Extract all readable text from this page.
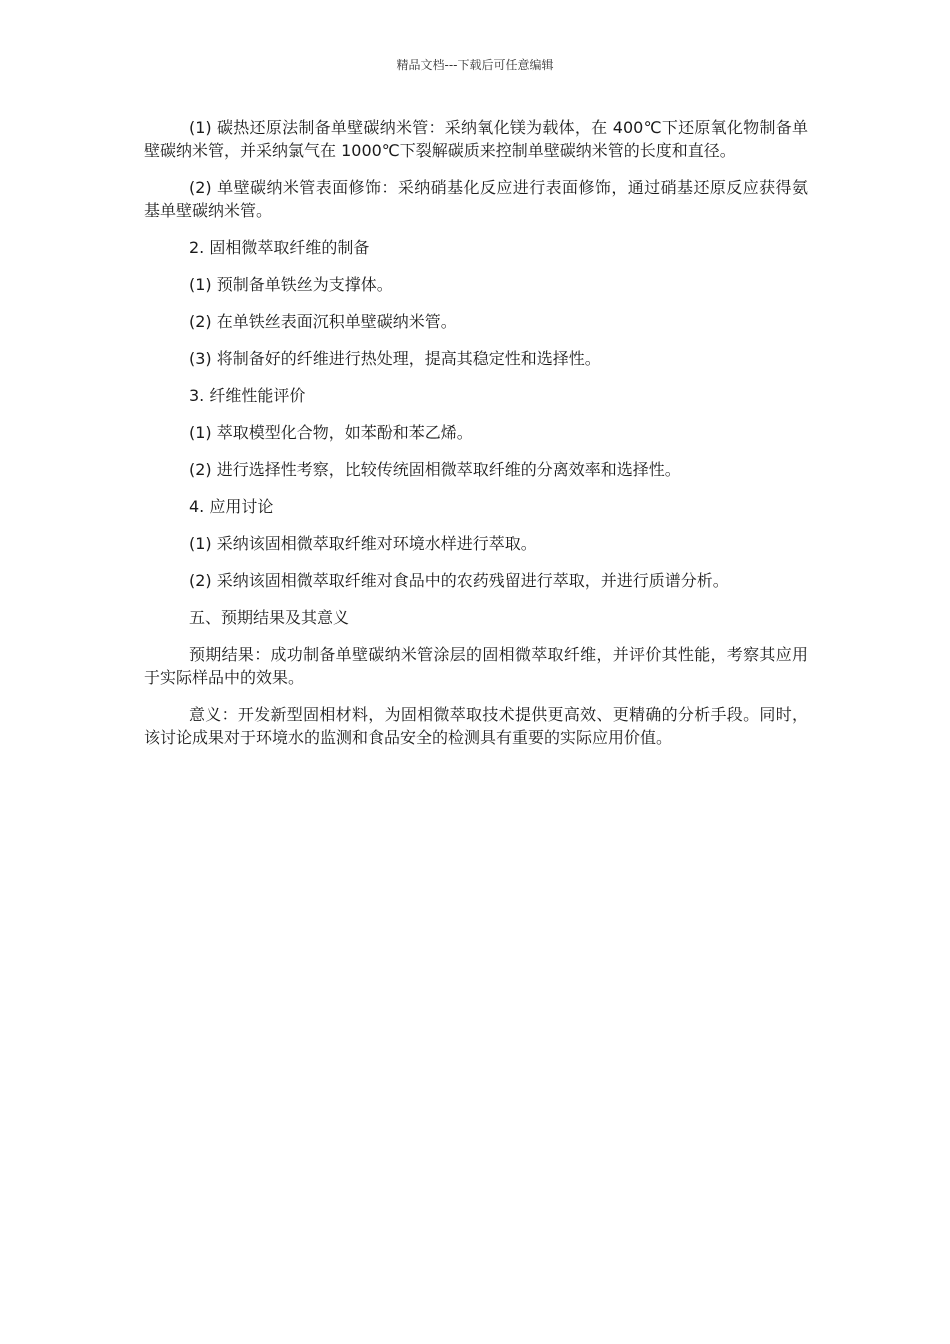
精品文档---下载后可任意编辑

(1) 碳热还原法制备单壁碳纳米管：采纳氧化镁为载体，在 400℃下还原氧化物制备单壁碳纳米管，并采纳氯气在 1000℃下裂解碳质来控制单壁碳纳米管的长度和直径。

(2) 单壁碳纳米管表面修饰：采纳硝基化反应进行表面修饰，通过硝基还原反应获得氨基单壁碳纳米管。

2. 固相微萃取纤维的制备

(1) 预制备单铁丝为支撑体。

(2) 在单铁丝表面沉积单壁碳纳米管。

(3) 将制备好的纤维进行热处理，提高其稳定性和选择性。

3. 纤维性能评价

(1) 萃取模型化合物，如苯酚和苯乙烯。

(2) 进行选择性考察，比较传统固相微萃取纤维的分离效率和选择性。

4. 应用讨论

(1) 采纳该固相微萃取纤维对环境水样进行萃取。

(2) 采纳该固相微萃取纤维对食品中的农药残留进行萃取，并进行质谱分析。

五、预期结果及其意义

预期结果：成功制备单壁碳纳米管涂层的固相微萃取纤维，并评价其性能，考察其应用于实际样品中的效果。

意义：开发新型固相材料，为固相微萃取技术提供更高效、更精确的分析手段。同时，该讨论成果对于环境水的监测和食品安全的检测具有重要的实际应用价值。
